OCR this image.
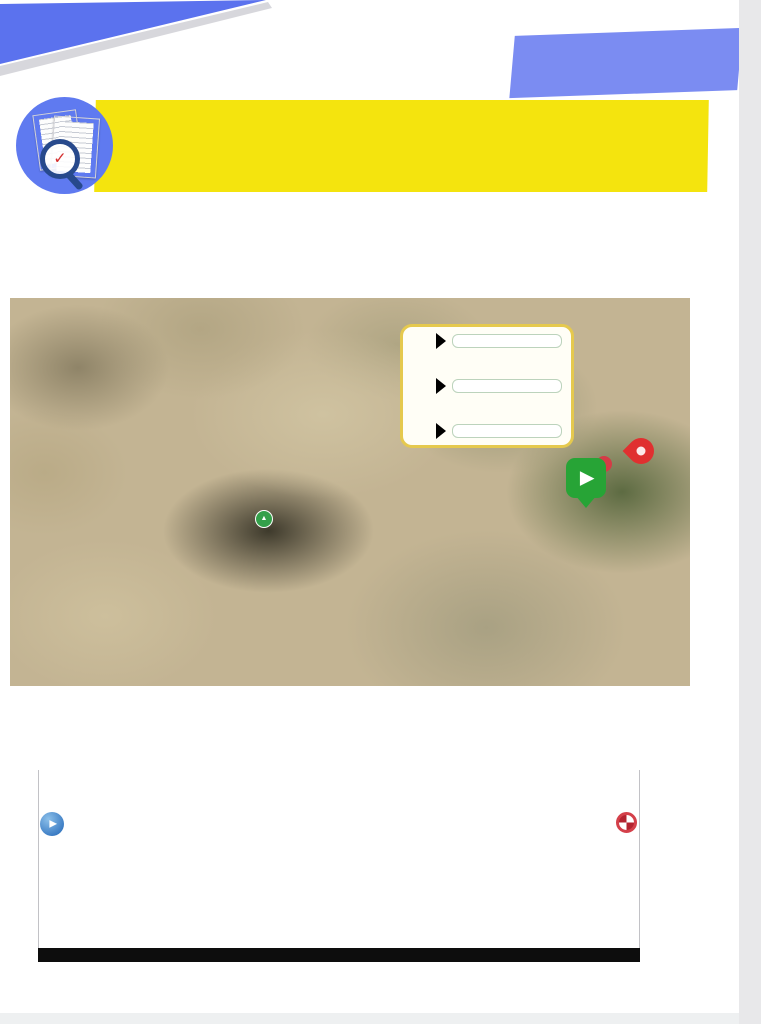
✓
▶
▲
▶
